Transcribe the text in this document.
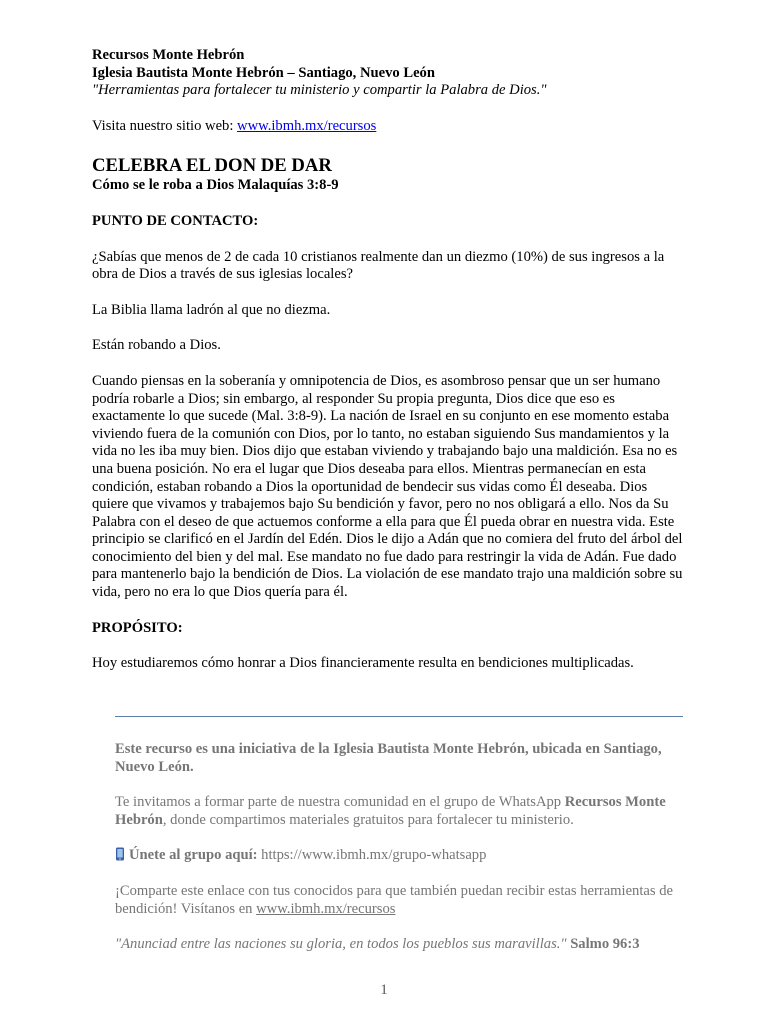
Recursos Monte Hebrón

Iglesia Bautista Monte Hebrón – Santiago, Nuevo León

"Herramientas para fortalecer tu ministerio y compartir la Palabra de Dios."

Visita nuestro sitio web: www.ibmh.mx/recursos

CELEBRA EL DON DE DAR

Cómo se le roba a Dios Malaquías 3:8-9

PUNTO DE CONTACTO:

¿Sabías que menos de 2 de cada 10 cristianos realmente dan un diezmo (10%) de sus ingresos a la obra de Dios a través de sus iglesias locales?

La Biblia llama ladrón al que no diezma.

Están robando a Dios.

Cuando piensas en la soberanía y omnipotencia de Dios, es asombroso pensar que un ser humano podría robarle a Dios; sin embargo, al responder Su propia pregunta, Dios dice que eso es exactamente lo que sucede (Mal. 3:8-9). La nación de Israel en su conjunto en ese momento estaba viviendo fuera de la comunión con Dios, por lo tanto, no estaban siguiendo Sus mandamientos y la vida no les iba muy bien. Dios dijo que estaban viviendo y trabajando bajo una maldición. Esa no es una buena posición. No era el lugar que Dios deseaba para ellos. Mientras permanecían en esta condición, estaban robando a Dios la oportunidad de bendecir sus vidas como Él deseaba. Dios quiere que vivamos y trabajemos bajo Su bendición y favor, pero no nos obligará a ello. Nos da Su Palabra con el deseo de que actuemos conforme a ella para que Él pueda obrar en nuestra vida. Este principio se clarificó en el Jardín del Edén. Dios le dijo a Adán que no comiera del fruto del árbol del conocimiento del bien y del mal. Ese mandato no fue dado para restringir la vida de Adán. Fue dado para mantenerlo bajo la bendición de Dios. La violación de ese mandato trajo una maldición sobre su vida, pero no era lo que Dios quería para él.

PROPÓSITO:

Hoy estudiaremos cómo honrar a Dios financieramente resulta en bendiciones multiplicadas.

Este recurso es una iniciativa de la Iglesia Bautista Monte Hebrón, ubicada en Santiago, Nuevo León.

Te invitamos a formar parte de nuestra comunidad en el grupo de WhatsApp Recursos Monte Hebrón, donde compartimos materiales gratuitos para fortalecer tu ministerio.

Únete al grupo aquí: https://www.ibmh.mx/grupo-whatsapp

¡Comparte este enlace con tus conocidos para que también puedan recibir estas herramientas de bendición! Visítanos en www.ibmh.mx/recursos

"Anunciad entre las naciones su gloria, en todos los pueblos sus maravillas." Salmo 96:3

1
